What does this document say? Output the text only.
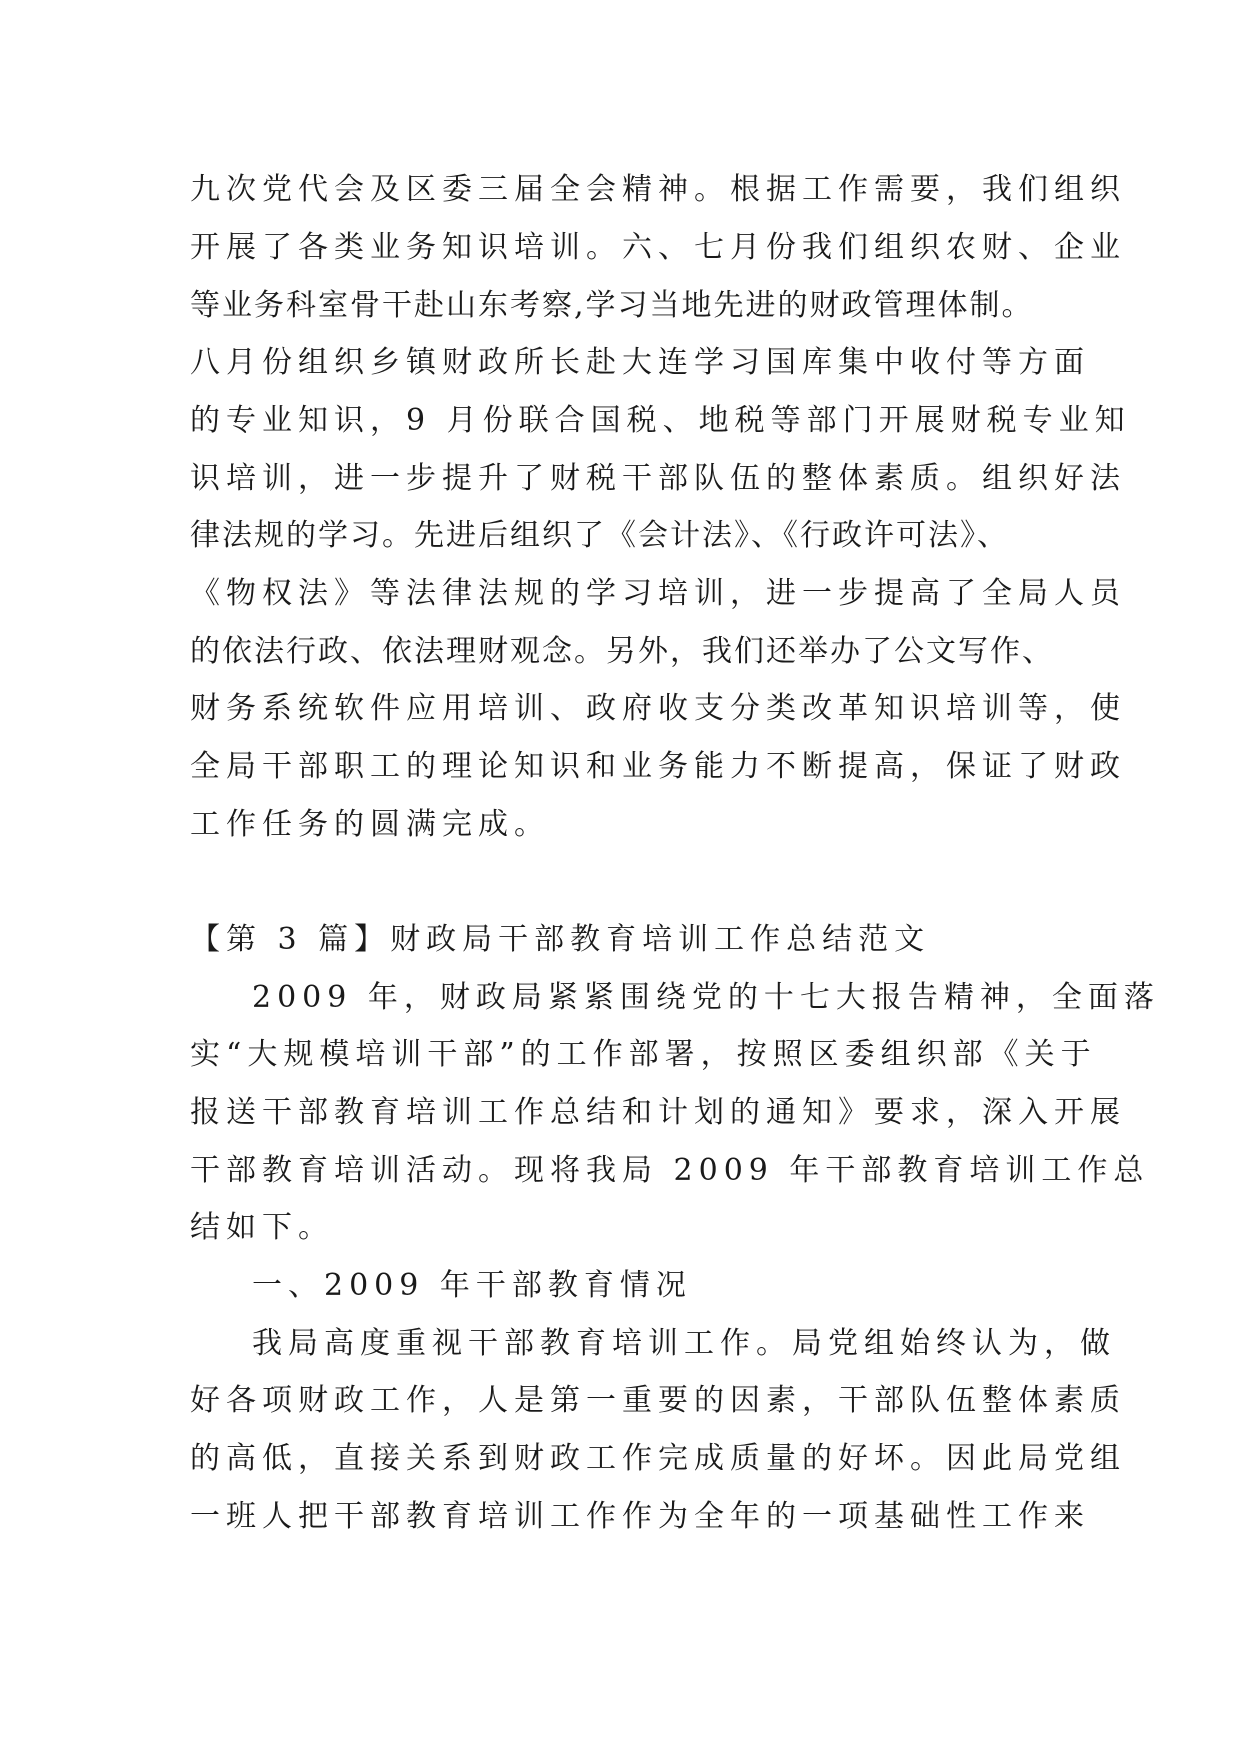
九次党代会及区委三届全会精神。根据工作需要，我们组织
开展了各类业务知识培训。六、七月份我们组织农财、企业
等业务科室骨干赴山东考察,学习当地先进的财政管理体制。
八月份组织乡镇财政所长赴大连学习国库集中收付等方面
的专业知识，9 月份联合国税、地税等部门开展财税专业知
识培训，进一步提升了财税干部队伍的整体素质。组织好法
律法规的学习。先进后组织了《会计法》、《行政许可法》、
《物权法》等法律法规的学习培训，进一步提高了全局人员
的依法行政、依法理财观念。另外，我们还举办了公文写作、
财务系统软件应用培训、政府收支分类改革知识培训等，使
全局干部职工的理论知识和业务能力不断提高，保证了财政
工作任务的圆满完成。
【第 3 篇】财政局干部教育培训工作总结范文
2009 年，财政局紧紧围绕党的十七大报告精神，全面落
实“大规模培训干部”的工作部署，按照区委组织部《关于
报送干部教育培训工作总结和计划的通知》要求，深入开展
干部教育培训活动。现将我局 2009 年干部教育培训工作总
结如下。
一、2009 年干部教育情况
我局高度重视干部教育培训工作。局党组始终认为，做
好各项财政工作，人是第一重要的因素，干部队伍整体素质
的高低，直接关系到财政工作完成质量的好坏。因此局党组
一班人把干部教育培训工作作为全年的一项基础性工作来
